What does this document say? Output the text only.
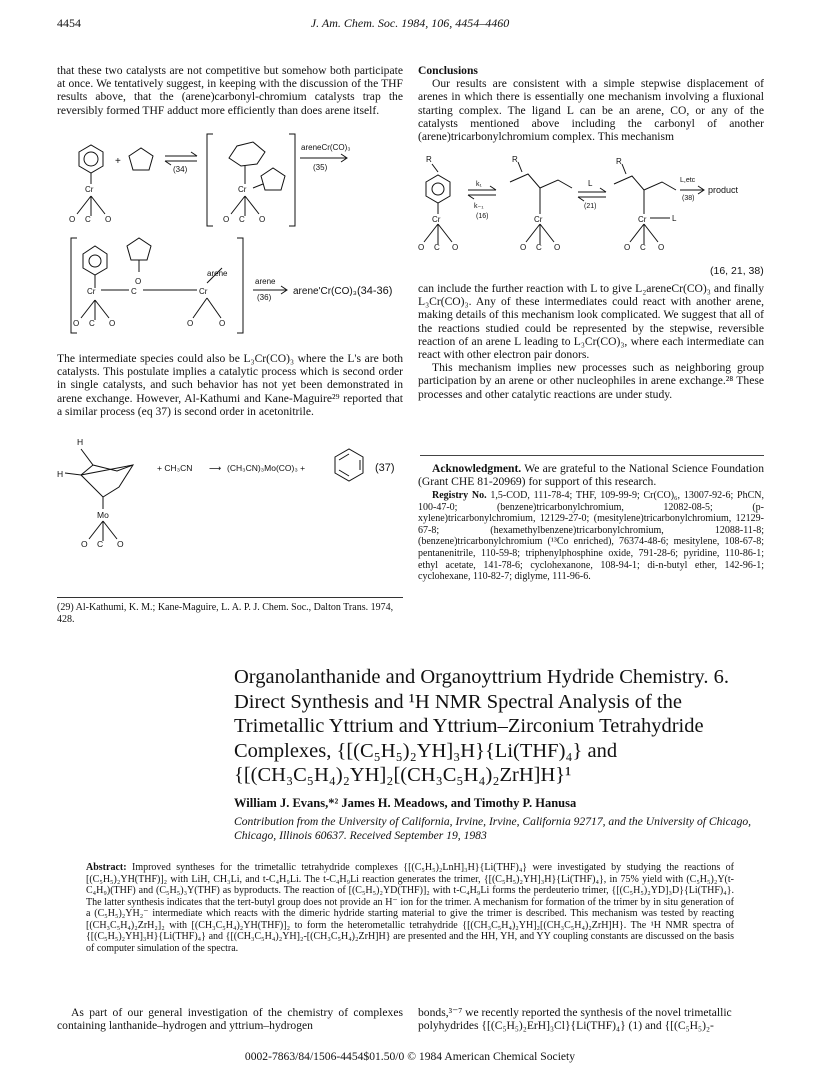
4454	J. Am. Chem. Soc. 1984, 106, 4454–4460

that these two catalysts are not competitive but somehow both participate at once. We tentatively suggest, in keeping with the discussion of the THF results above, that the (arene)carbonyl-chromium catalysts trap the reversibly formed THF adduct more efficiently than does arene itself.

+
(34)
areneCr(CO)₃
(35)
Cr	Cr
O C O	O C O
O
Cr	C	Cr
arene
arene
(36)
arene'Cr(CO)₃ (34-36)
O C O	O	O

The intermediate species could also be L₃Cr(CO)₃ where the L's are both catalysts. This postulate implies a catalytic process which is second order in single catalysts, and such behavior has not yet been demonstrated in arene exchange. However, Al-Kathumi and Kane-Maguire²⁹ reported that a similar process (eq 37) is second order in acetonitrile.

H
H
Mo
O C O
+ CH₃CN ⟶ (CH₃CN)₃Mo(CO)₃ +	(37)
(29) Al-Kathumi, K. M.; Kane-Maguire, L. A. P. J. Chem. Soc., Dalton Trans. 1974, 428.

Conclusions

Our results are consistent with a simple stepwise displacement of arenes in which there is essentially one mechanism involving a fluxional starting complex. The ligand L can be an arene, CO, or any of the catalysts mentioned above including the carbonyl of another (arene)tricarbonylchromium complex. This mechanism

R	R	R
k₁
k₋₁
(16)
L
(21)
L,etc
(38)
product
L
Cr	Cr	Cr
O C O	O C O	O C O
(16, 21, 38)

can include the further reaction with L to give L₂areneCr(CO)₃ and finally L₃Cr(CO)₃. Any of these intermediates could react with another arene, making details of this mechanism look complicated. We suggest that all of the reactions studied could be represented by the stepwise, reversible reaction of an arene L leading to L₃Cr(CO)₃, where each intermediate can react with other electron pair donors.

This mechanism implies new processes such as neighboring group participation by an arene or other nucleophiles in arene exchange.²⁸ These processes and other catalytic reactions are under study.

Acknowledgment. We are grateful to the National Science Foundation (Grant CHE 81-20969) for support of this research.

Registry No. 1,5-COD, 111-78-4; THF, 109-99-9; Cr(CO)₆, 13007-92-6; PhCN, 100-47-0; (benzene)tricarbonylchromium, 12082-08-5; (p-xylene)tricarbonylchromium, 12129-27-0; (mesitylene)tricarbonylchromium, 12129-67-8; (hexamethylbenzene)tricarbonylchromium, 12088-11-8; (benzene)tricarbonylchromium (¹³Co enriched), 76374-48-6; mesitylene, 108-67-8; pentanenitrile, 110-59-8; triphenylphosphine oxide, 791-28-6; pyridine, 110-86-1; ethyl acetate, 141-78-6; cyclohexanone, 108-94-1; di-n-butyl ether, 142-96-1; cyclohexane, 110-82-7; diglyme, 111-96-6.

Organolanthanide and Organoyttrium Hydride Chemistry. 6. Direct Synthesis and ¹H NMR Spectral Analysis of the Trimetallic Yttrium and Yttrium–Zirconium Tetrahydride Complexes, {[(C₅H₅)₂YH]₃H}{Li(THF)₄} and {[(CH₃C₅H₄)₂YH]₂[(CH₃C₅H₄)₂ZrH]H}¹
William J. Evans,*² James H. Meadows, and Timothy P. Hanusa
Contribution from the University of California, Irvine, Irvine, California 92717, and the University of Chicago, Chicago, Illinois 60637. Received September 19, 1983
Abstract: Improved syntheses for the trimetallic tetrahydride complexes {[(C₅H₅)₂LnH]₃H}{Li(THF)₄} were investigated by studying the reactions of [(C₅H₅)₂YH(THF)]₂ with LiH, CH₃Li, and t-C₄H₉Li. The t-C₄H₉Li reaction generates the trimer, {[(C₅H₅)₂YH]₃H}{Li(THF)₄}, in 75% yield with (C₅H₅)₂Y(t-C₄H₉)(THF) and (C₅H₅)₃Y(THF) as byproducts. The reaction of [(C₅H₅)₂YD(THF)]₂ with t-C₄H₉Li forms the perdeuterio trimer, {[(C₅H₅)₂YD]₃D}{Li(THF)₄}. The latter synthesis indicates that the tert-butyl group does not provide an H⁻ ion for the trimer. A mechanism for formation of the trimer by in situ generation of a (C₅H₅)₂YH₂⁻ intermediate which reacts with the dimeric hydride starting material to give the trimer is described. This mechanism was tested by reacting [(CH₃C₅H₄)₂ZrH₂]₂ with [(CH₃C₅H₄)₂YH(THF)]₂ to form the heterometallic tetrahydride {[(CH₃C₅H₄)₂YH]₂[(CH₃C₅H₄)₂ZrH]H}. The ¹H NMR spectra of {[(C₅H₅)₂YH]₃H}{Li(THF)₄} and {[(CH₃C₅H₄)₂YH]₂-[(CH₃C₅H₄)₂ZrH]H} are presented and the HH, YH, and YY coupling constants are discussed on the basis of computer simulation of the spectra.

As part of our general investigation of the chemistry of complexes containing lanthanide–hydrogen and yttrium–hydrogen

bonds,³⁻⁷ we recently reported the synthesis of the novel trimetallic polyhydrides {[(C₅H₅)₂ErH]₃Cl}{Li(THF)₄} (1) and {[(C₅H₅)₂-

0002-7863/84/1506-4454$01.50/0 © 1984 American Chemical Society
